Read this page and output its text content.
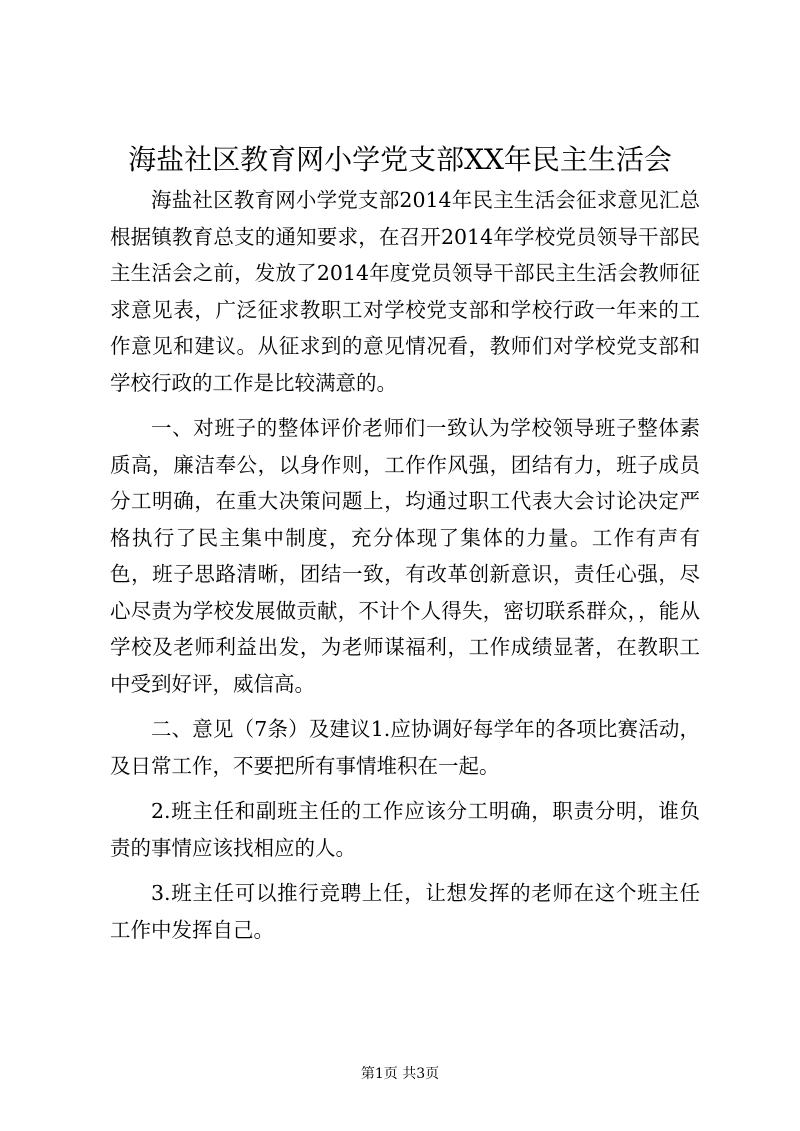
海盐社区教育网小学党支部XX年民主生活会

海盐社区教育网小学党支部2014年民主生活会征求意见汇总根据镇教育总支的通知要求，在召开2014年学校党员领导干部民主生活会之前，发放了2014年度党员领导干部民主生活会教师征求意见表，广泛征求教职工对学校党支部和学校行政一年来的工作意见和建议。从征求到的意见情况看，教师们对学校党支部和学校行政的工作是比较满意的。

一、对班子的整体评价老师们一致认为学校领导班子整体素质高，廉洁奉公，以身作则，工作作风强，团结有力，班子成员分工明确，在重大决策问题上，均通过职工代表大会讨论决定严格执行了民主集中制度，充分体现了集体的力量。工作有声有色，班子思路清晰，团结一致，有改革创新意识，责任心强，尽心尽责为学校发展做贡献，不计个人得失，密切联系群众，，能从学校及老师利益出发，为老师谋福利，工作成绩显著，在教职工中受到好评，威信高。

二、意见（7条）及建议1.应协调好每学年的各项比赛活动，及日常工作，不要把所有事情堆积在一起。

2.班主任和副班主任的工作应该分工明确，职责分明，谁负责的事情应该找相应的人。

3.班主任可以推行竞聘上任，让想发挥的老师在这个班主任工作中发挥自己。

第1页 共3页
